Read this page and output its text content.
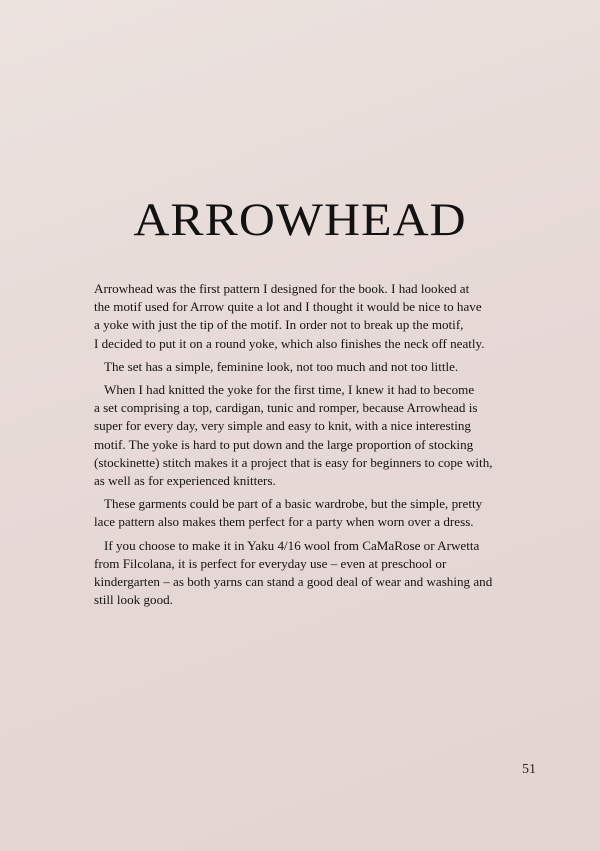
ARROWHEAD

Arrowhead was the first pattern I designed for the book. I had looked at
the motif used for Arrow quite a lot and I thought it would be nice to have
a yoke with just the tip of the motif. In order not to break up the motif,
I decided to put it on a round yoke, which also finishes the neck off neatly.

The set has a simple, feminine look, not too much and not too little.

When I had knitted the yoke for the first time, I knew it had to become
a set comprising a top, cardigan, tunic and romper, because Arrowhead is
super for every day, very simple and easy to knit, with a nice interesting
motif. The yoke is hard to put down and the large proportion of stocking
(stockinette) stitch makes it a project that is easy for beginners to cope with,
as well as for experienced knitters.

These garments could be part of a basic wardrobe, but the simple, pretty
lace pattern also makes them perfect for a party when worn over a dress.

If you choose to make it in Yaku 4/16 wool from CaMaRose or Arwetta
from Filcolana, it is perfect for everyday use – even at preschool or
kindergarten – as both yarns can stand a good deal of wear and washing and
still look good.

51
